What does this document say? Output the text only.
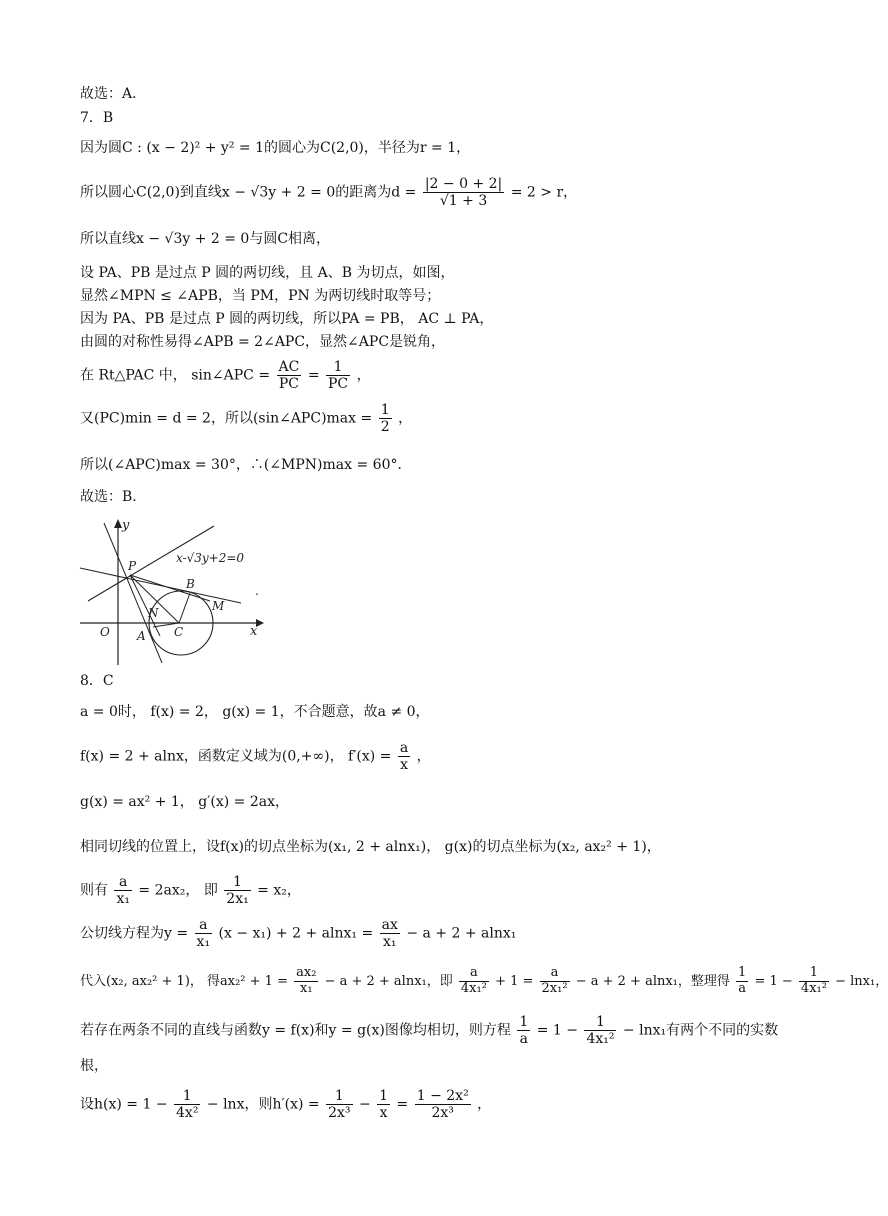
故选：A．
7．B
因为圆C : (x − 2)² + y² = 1的圆心为C(2,0)，半径为r = 1，
所以圆心C(2,0)到直线x − √3y + 2 = 0的距离为$d = \frac{|2 - 0 + 2|}{√1 + 3} = 2 > r$，
所以直线x − √3y + 2 = 0与圆C相离，
设 PA、PB 是过点 P 圆的两切线，且 A、B 为切点，如图，
显然∠MPN ≤ ∠APB，当 PM，PN 为两切线时取等号；
因为 PA、PB 是过点 P 圆的两切线，所以PA = PB， AC ⊥ PA，
由圆的对称性易得∠APB = 2∠APC，显然∠APC是锐角，
在 Rt△PAC 中， sin∠APC = $\frac{AC}{PC} = \frac{1}{PC}$ ，
又(PC)min = d = 2，所以(sin∠APC)max = $\frac{1}{2}$ ，
所以(∠APC)max = 30°，∴(∠MPN)max = 60°．
故选：B．
y
x
O
x-√3y+2=0
P
B
M
N
A C
.
8．C
a = 0时， f(x) = 2， g(x) = 1，不合题意，故a ≠ 0，
f(x) = 2 + alnx，函数定义域为(0,+∞)， $f'(x) = \frac{a}{x}$ ，
g(x) = ax² + 1， g′(x) = 2ax，
相同切线的位置上，设f(x)的切点坐标为(x₁, 2 + alnx₁)， g(x)的切点坐标为(x₂, ax₂² + 1)，
则有 $\frac{a}{\text{x₁}} = 2ax_2$， 即 $\frac{1}{\text{2x₁}} = x_2$，
公切线方程为$y = \frac{a}{\text{x₁}} (x - x_1) + 2 + alnx_1 = \frac{ax}{\text{x₁}} - a + 2 + alnx_1$
代入(x₂, ax₂² + 1)， 得$ax_2^2 + 1 = \frac{\text{ax₂}}{\text{x₁}} - a + 2 + alnx_1$，即 $\frac{a}{\text{4x₁²}} + 1 = \frac{a}{\text{2x₁²}} - a + 2 + alnx_1$，整理得 $\frac{1}{a} = 1 - \frac{1}{\text{4x₁²}} - \ln x_1$，
若存在两条不同的直线与函数y = f(x)和y = g(x)图像均相切，则方程 $\frac{1}{a} = 1 - \frac{1}{\text{4x₁²}} - \ln x_1$有两个不同的实数
根，
设$h(x) = 1 - \frac{1}{\text{4x²}} - \ln x$，则$h'(x) = \frac{1}{\text{2x³}} - \frac{1}{x} = \frac{\text{1 − 2x²}}{\text{2x³}}$ ，
